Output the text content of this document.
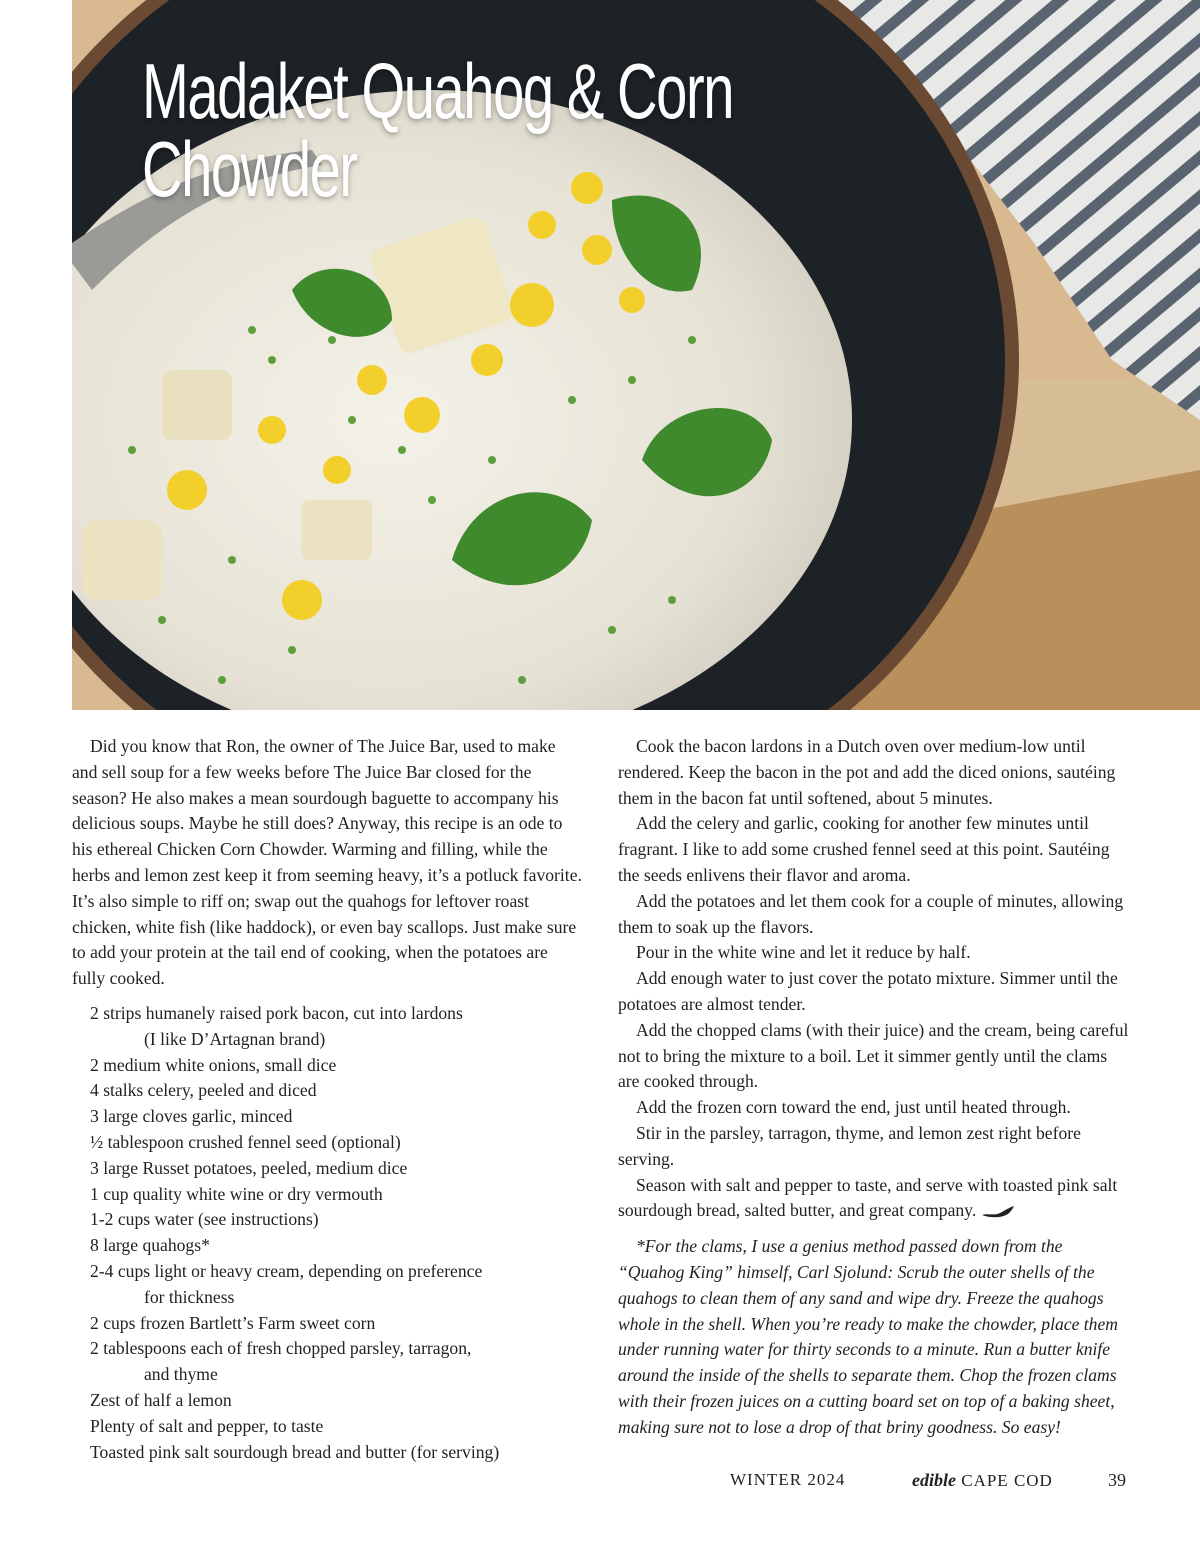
Madaket Quahog & Corn Chowder

Did you know that Ron, the owner of The Juice Bar, used to make and sell soup for a few weeks before The Juice Bar closed for the season? He also makes a mean sourdough baguette to accompany his delicious soups. Maybe he still does? Anyway, this recipe is an ode to his ethereal Chicken Corn Chowder. Warming and filling, while the herbs and lemon zest keep it from seeming heavy, it’s a potluck favorite. It’s also simple to riff on; swap out the quahogs for leftover roast chicken, white fish (like haddock), or even bay scallops. Just make sure to add your protein at the tail end of cooking, when the potatoes are fully cooked.

2 strips humanely raised pork bacon, cut into lardons
(I like D’Artagnan brand)
2 medium white onions, small dice
4 stalks celery, peeled and diced
3 large cloves garlic, minced
½ tablespoon crushed fennel seed (optional)
3 large Russet potatoes, peeled, medium dice
1 cup quality white wine or dry vermouth
1-2 cups water (see instructions)
8 large quahogs*
2-4 cups light or heavy cream, depending on preference
for thickness
2 cups frozen Bartlett’s Farm sweet corn
2 tablespoons each of fresh chopped parsley, tarragon,
and thyme
Zest of half a lemon
Plenty of salt and pepper, to taste
Toasted pink salt sourdough bread and butter (for serving)

Cook the bacon lardons in a Dutch oven over medium-low until rendered. Keep the bacon in the pot and add the diced onions, sautéing them in the bacon fat until softened, about 5 minutes.

Add the celery and garlic, cooking for another few minutes until fragrant. I like to add some crushed fennel seed at this point. Sautéing the seeds enlivens their flavor and aroma.

Add the potatoes and let them cook for a couple of minutes, allowing them to soak up the flavors.

Pour in the white wine and let it reduce by half.

Add enough water to just cover the potato mixture. Simmer until the potatoes are almost tender.

Add the chopped clams (with their juice) and the cream, being careful not to bring the mixture to a boil. Let it simmer gently until the clams are cooked through.

Add the frozen corn toward the end, just until heated through.

Stir in the parsley, tarragon, thyme, and lemon zest right before serving.

Season with salt and pepper to taste, and serve with toasted pink salt sourdough bread, salted butter, and great company.

*For the clams, I use a genius method passed down from the “Quahog King” himself, Carl Sjolund: Scrub the outer shells of the quahogs to clean them of any sand and wipe dry. Freeze the quahogs whole in the shell. When you’re ready to make the chowder, place them under running water for thirty seconds to a minute. Run a butter knife around the inside of the shells to separate them. Chop the frozen clams with their frozen juices on a cutting board set on top of a baking sheet, making sure not to lose a drop of that briny goodness. So easy!

WINTER 2024	edible CAPE COD	39
